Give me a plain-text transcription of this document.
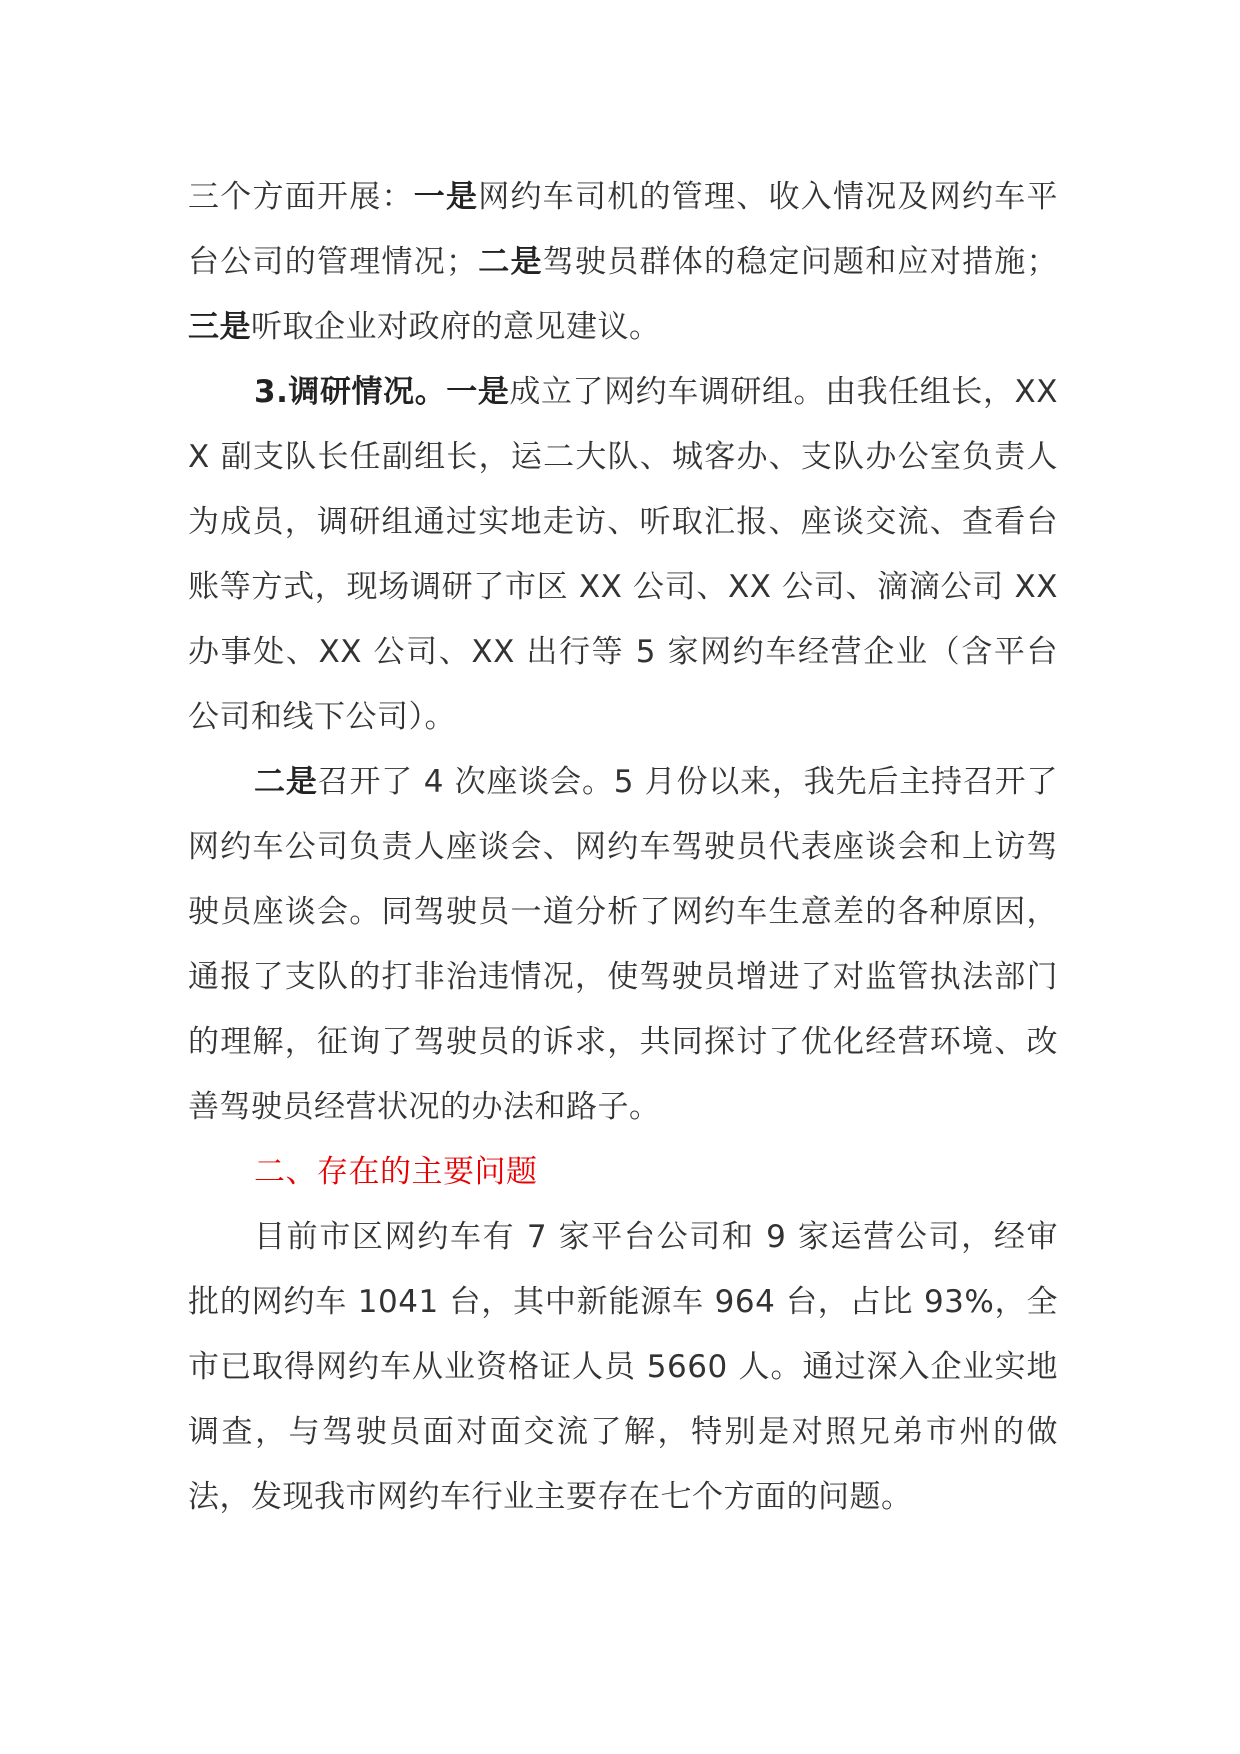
三个方面开展：一是网约车司机的管理、收入情况及网约车平台公司的管理情况；二是驾驶员群体的稳定问题和应对措施；三是听取企业对政府的意见建议。

3.调研情况。一是成立了网约车调研组。由我任组长，XXX 副支队长任副组长，运二大队、城客办、支队办公室负责人为成员，调研组通过实地走访、听取汇报、座谈交流、查看台账等方式，现场调研了市区 XX 公司、XX 公司、滴滴公司 XX 办事处、XX 公司、XX 出行等 5 家网约车经营企业（含平台公司和线下公司）。

二是召开了 4 次座谈会。5 月份以来，我先后主持召开了网约车公司负责人座谈会、网约车驾驶员代表座谈会和上访驾驶员座谈会。同驾驶员一道分析了网约车生意差的各种原因，通报了支队的打非治违情况，使驾驶员增进了对监管执法部门的理解，征询了驾驶员的诉求，共同探讨了优化经营环境、改善驾驶员经营状况的办法和路子。

二、存在的主要问题

目前市区网约车有 7 家平台公司和 9 家运营公司，经审批的网约车 1041 台，其中新能源车 964 台，占比 93%，全市已取得网约车从业资格证人员 5660 人。通过深入企业实地调查，与驾驶员面对面交流了解，特别是对照兄弟市州的做法，发现我市网约车行业主要存在七个方面的问题。
